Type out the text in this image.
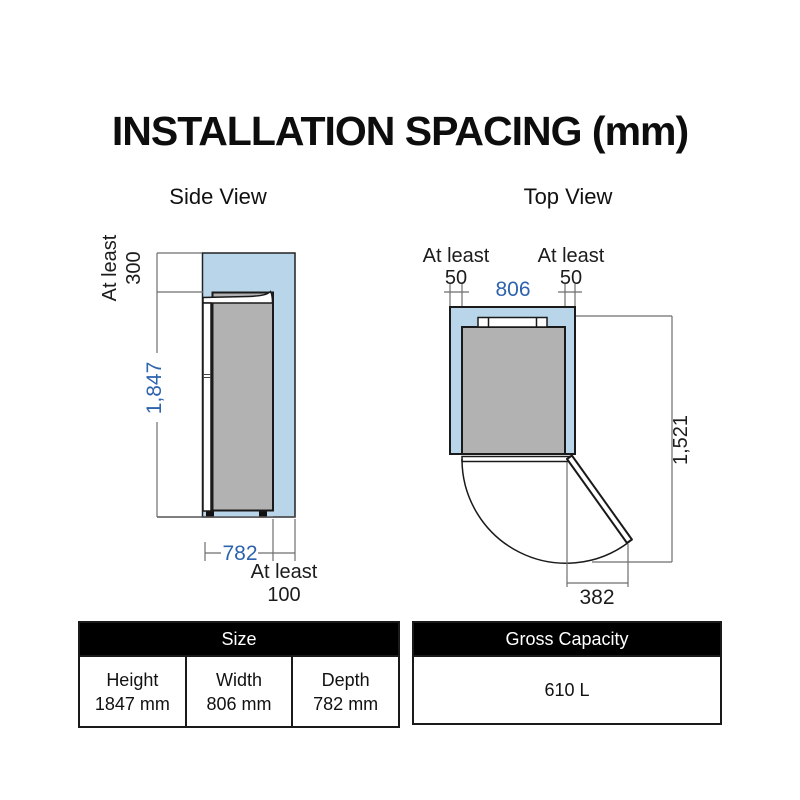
INSTALLATION SPACING (mm)
Side View	Top View
At least 300
1,847
782
At least
100
At least
50
At least
50
806
1,521
382
Size
Height
1847 mm
Width
806 mm
Depth
782 mm
Gross Capacity
610 L
